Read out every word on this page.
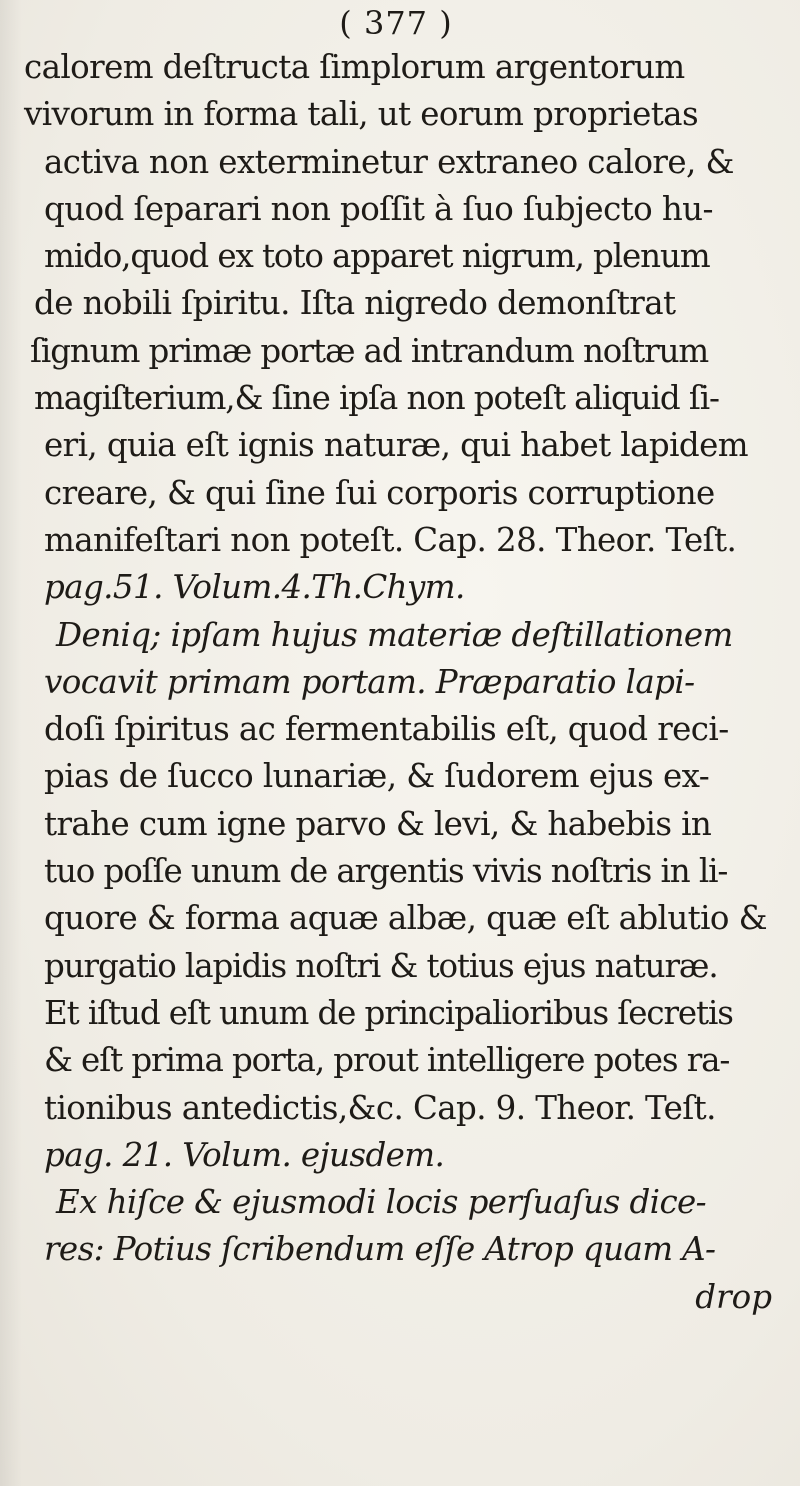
( 377 )
calorem deſtructa ſimplorum argentorum
vivorum in forma tali, ut eorum proprietas
activa non exterminetur extraneo calore, &
quod ſeparari non poſſit à ſuo ſubjecto hu-
mido,quod ex toto apparet nigrum, plenum
de nobili ſpiritu. Iſta nigredo demonſtrat
ſignum primæ portæ ad intrandum noſtrum
magiſterium,& ſine ipſa non poteſt aliquid ſi-
eri, quia eſt ignis naturæ, qui habet lapidem
creare, & qui ſine ſui corporis corruptione
manifeſtari non poteſt. Cap. 28. Theor. Teſt.
pag.51. Volum.4.Th.Chym.
Deniq; ipſam hujus materiæ deſtillationem
vocavit primam portam. Præparatio lapi-
doſi ſpiritus ac fermentabilis eſt, quod reci-
pias de ſucco lunariæ, & ſudorem ejus ex-
trahe cum igne parvo & levi, & habebis in
tuo poſſe unum de argentis vivis noſtris in li-
quore & forma aquæ albæ, quæ eſt ablutio &
purgatio lapidis noſtri & totius ejus naturæ.
Et iſtud eſt unum de principalioribus ſecretis
& eſt prima porta, prout intelligere potes ra-
tionibus antedictis,&c. Cap. 9. Theor. Teſt.
pag. 21. Volum. ejusdem.
Ex hiſce & ejusmodi locis perſuaſus dice-
res: Potius ſcribendum eſſe Atrop quam A-
drop
